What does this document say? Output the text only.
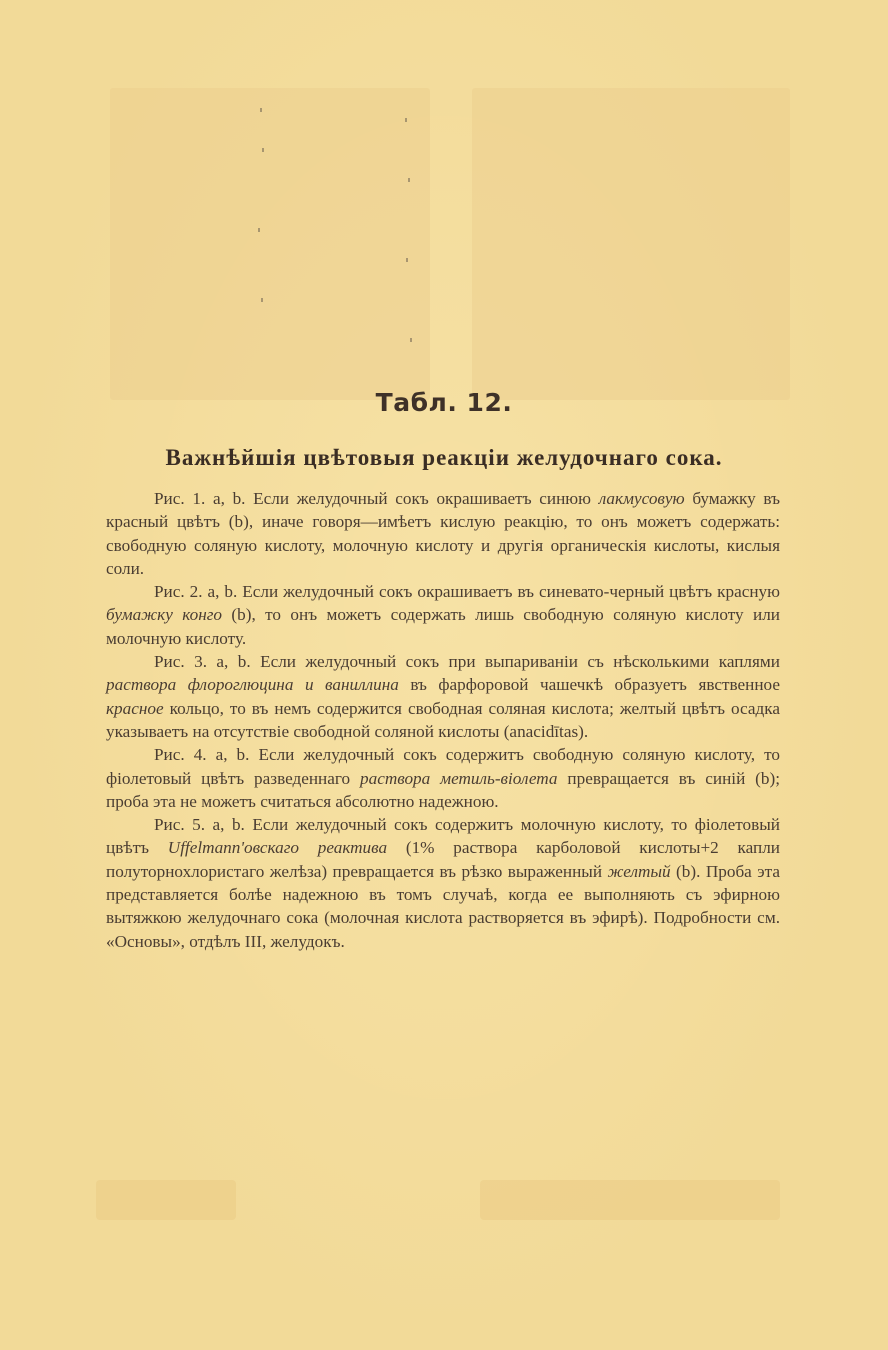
Табл. 12.
Важнѣйшія цвѣтовыя реакціи желудочнаго сока.

Рис. 1. a, b. Если желудочный сокъ окрашиваетъ синюю лакмусовую бумажку въ красный цвѣтъ (b), иначе говоря—имѣетъ кислую реакцію, то онъ можетъ содержать: свободную соляную кислоту, молочную кислоту и другія органическія кислоты, кислыя соли.

Рис. 2. a, b. Если желудочный сокъ окрашиваетъ въ синевато-черный цвѣтъ красную бумажку конго (b), то онъ можетъ содержать лишь свободную соляную кислоту или молочную кислоту.

Рис. 3. a, b. Если желудочный сокъ при выпариваніи съ нѣсколькими каплями раствора флороглюцина и ваниллина въ фарфоровой чашечкѣ образуетъ явственное красное кольцо, то въ немъ содержится свободная соляная кислота; желтый цвѣтъ осадка указываетъ на отсутствіе свободной соляной кислоты (anacidītas).

Рис. 4. a, b. Если желудочный сокъ содержитъ свободную соляную кислоту, то фіолетовый цвѣтъ разведеннаго раствора метиль-віолета превращается въ синій (b); проба эта не можетъ считаться абсолютно надежною.

Рис. 5. a, b. Если желудочный сокъ содержитъ молочную кислоту, то фіолетовый цвѣтъ Uffelmann'овскаго реактива (1% раствора карболовой кислоты+2 капли полуторнохлористаго желѣза) превращается въ рѣзко выраженный желтый (b). Проба эта представляется болѣе надежною въ томъ случаѣ, когда ее выполняють съ эфирною вытяжкою желудочнаго сока (молочная кислота растворяется въ эфирѣ). Подробности см. «Основы», отдѣлъ III, желудокъ.
